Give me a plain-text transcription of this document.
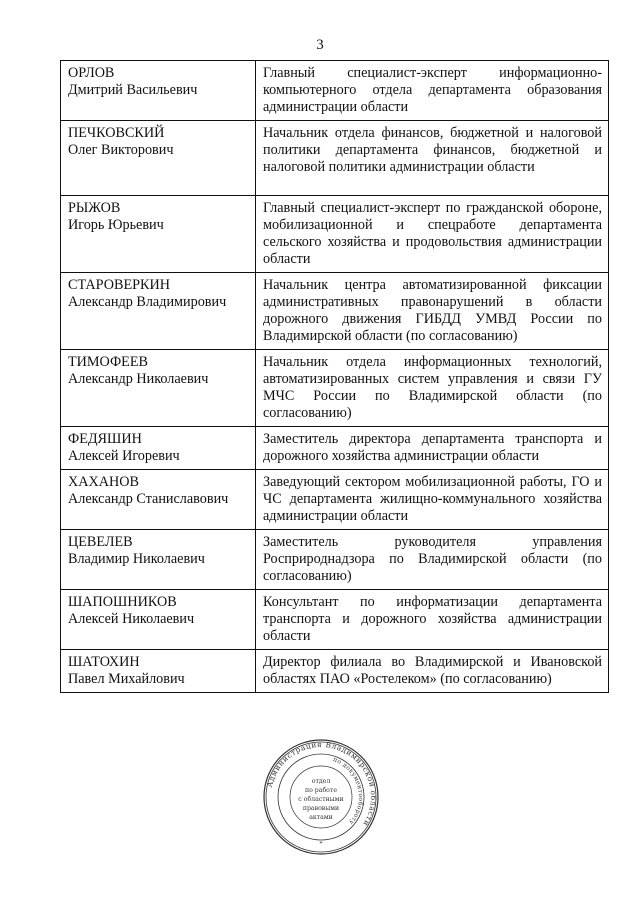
3
ОРЛОВ
Дмитрий Васильевич	Главный специалист-эксперт информационно-компьютерного отдела департамента образования администрации области

ПЕЧКОВСКИЙ
Олег Викторович	Начальник отдела финансов, бюджетной и налоговой политики департамента финансов, бюджетной и налоговой политики администрации области

РЫЖОВ
Игорь Юрьевич	Главный специалист-эксперт по гражданской обороне, мобилизационной и спецработе департамента сельского хозяйства и продовольствия администрации области

СТАРОВЕРКИН
Александр Владимирович	Начальник центра автоматизированной фиксации административных правонарушений в области дорожного движения ГИБДД УМВД России по Владимирской области (по согласованию)

ТИМОФЕЕВ
Александр Николаевич	Начальник отдела информационных технологий, автоматизированных систем управления и связи ГУ МЧС России по Владимирской области (по согласованию)

ФЕДЯШИН
Алексей Игоревич	Заместитель директора департамента транспорта и дорожного хозяйства администрации области

ХАХАНОВ
Александр Станиславович	Заведующий сектором мобилизационной работы, ГО и ЧС департамента жилищно-коммунального хозяйства администрации области

ЦЕВЕЛЕВ
Владимир Николаевич	Заместитель руководителя управления Росприроднадзора по Владимирской области (по согласованию)

ШАПОШНИКОВ
Алексей Николаевич	Консультант по информатизации департамента транспорта и дорожного хозяйства администрации области

ШАТОХИН
Павел Михайлович	Директор филиала во Владимирской и Ивановской областях ПАО «Ростелеком» (по согласованию)
Администрация Владимирской области
по документообороту
отдел
по работе
с областными
правовыми
актами
*
